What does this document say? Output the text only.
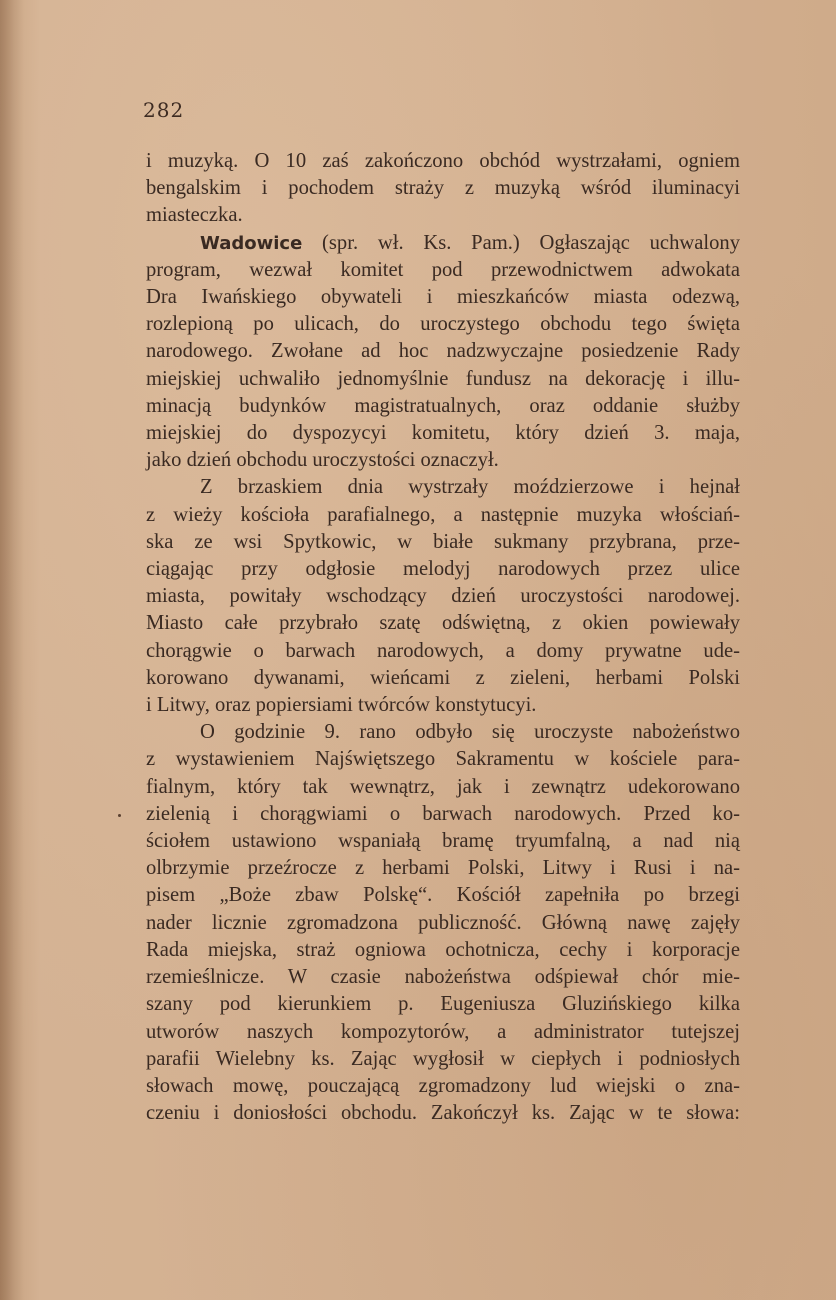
282
i muzyką. O 10 zaś zakończono obchód wystrzałami, ogniem
bengalskim i pochodem straży z muzyką wśród iluminacyi
miasteczka.
Wadowice (spr. wł. Ks. Pam.) Ogłaszając uchwalony
program, wezwał komitet pod przewodnictwem adwokata
Dra Iwańskiego obywateli i mieszkańców miasta odezwą,
rozlepioną po ulicach, do uroczystego obchodu tego święta
narodowego. Zwołane ad hoc nadzwyczajne posiedzenie Rady
miejskiej uchwaliło jednomyślnie fundusz na dekorację i illu-
minacją budynków magistratualnych, oraz oddanie służby
miejskiej do dyspozycyi komitetu, który dzień 3. maja,
jako dzień obchodu uroczystości oznaczył.
Z brzaskiem dnia wystrzały moździerzowe i hejnał
z wieży kościoła parafialnego, a następnie muzyka włościań-
ska ze wsi Spytkowic, w białe sukmany przybrana, prze-
ciągając przy odgłosie melodyj narodowych przez ulice
miasta, powitały wschodzący dzień uroczystości narodowej.
Miasto całe przybrało szatę odświętną, z okien powiewały
chorągwie o barwach narodowych, a domy prywatne ude-
korowano dywanami, wieńcami z zieleni, herbami Polski
i Litwy, oraz popiersiami twórców konstytucyi.
O godzinie 9. rano odbyło się uroczyste nabożeństwo
z wystawieniem Najświętszego Sakramentu w kościele para-
fialnym, który tak wewnątrz, jak i zewnątrz udekorowano
zielenią i chorągwiami o barwach narodowych. Przed ko-
ściołem ustawiono wspaniałą bramę tryumfalną, a nad nią
olbrzymie przeźrocze z herbami Polski, Litwy i Rusi i na-
pisem „Boże zbaw Polskę“. Kościół zapełniła po brzegi
nader licznie zgromadzona publiczność. Główną nawę zajęły
Rada miejska, straż ogniowa ochotnicza, cechy i korporacje
rzemieślnicze. W czasie nabożeństwa odśpiewał chór mie-
szany pod kierunkiem p. Eugeniusza Gluzińskiego kilka
utworów naszych kompozytorów, a administrator tutejszej
parafii Wielebny ks. Zając wygłosił w ciepłych i podniosłych
słowach mowę, pouczającą zgromadzony lud wiejski o zna-
czeniu i doniosłości obchodu. Zakończył ks. Zając w te słowa:
